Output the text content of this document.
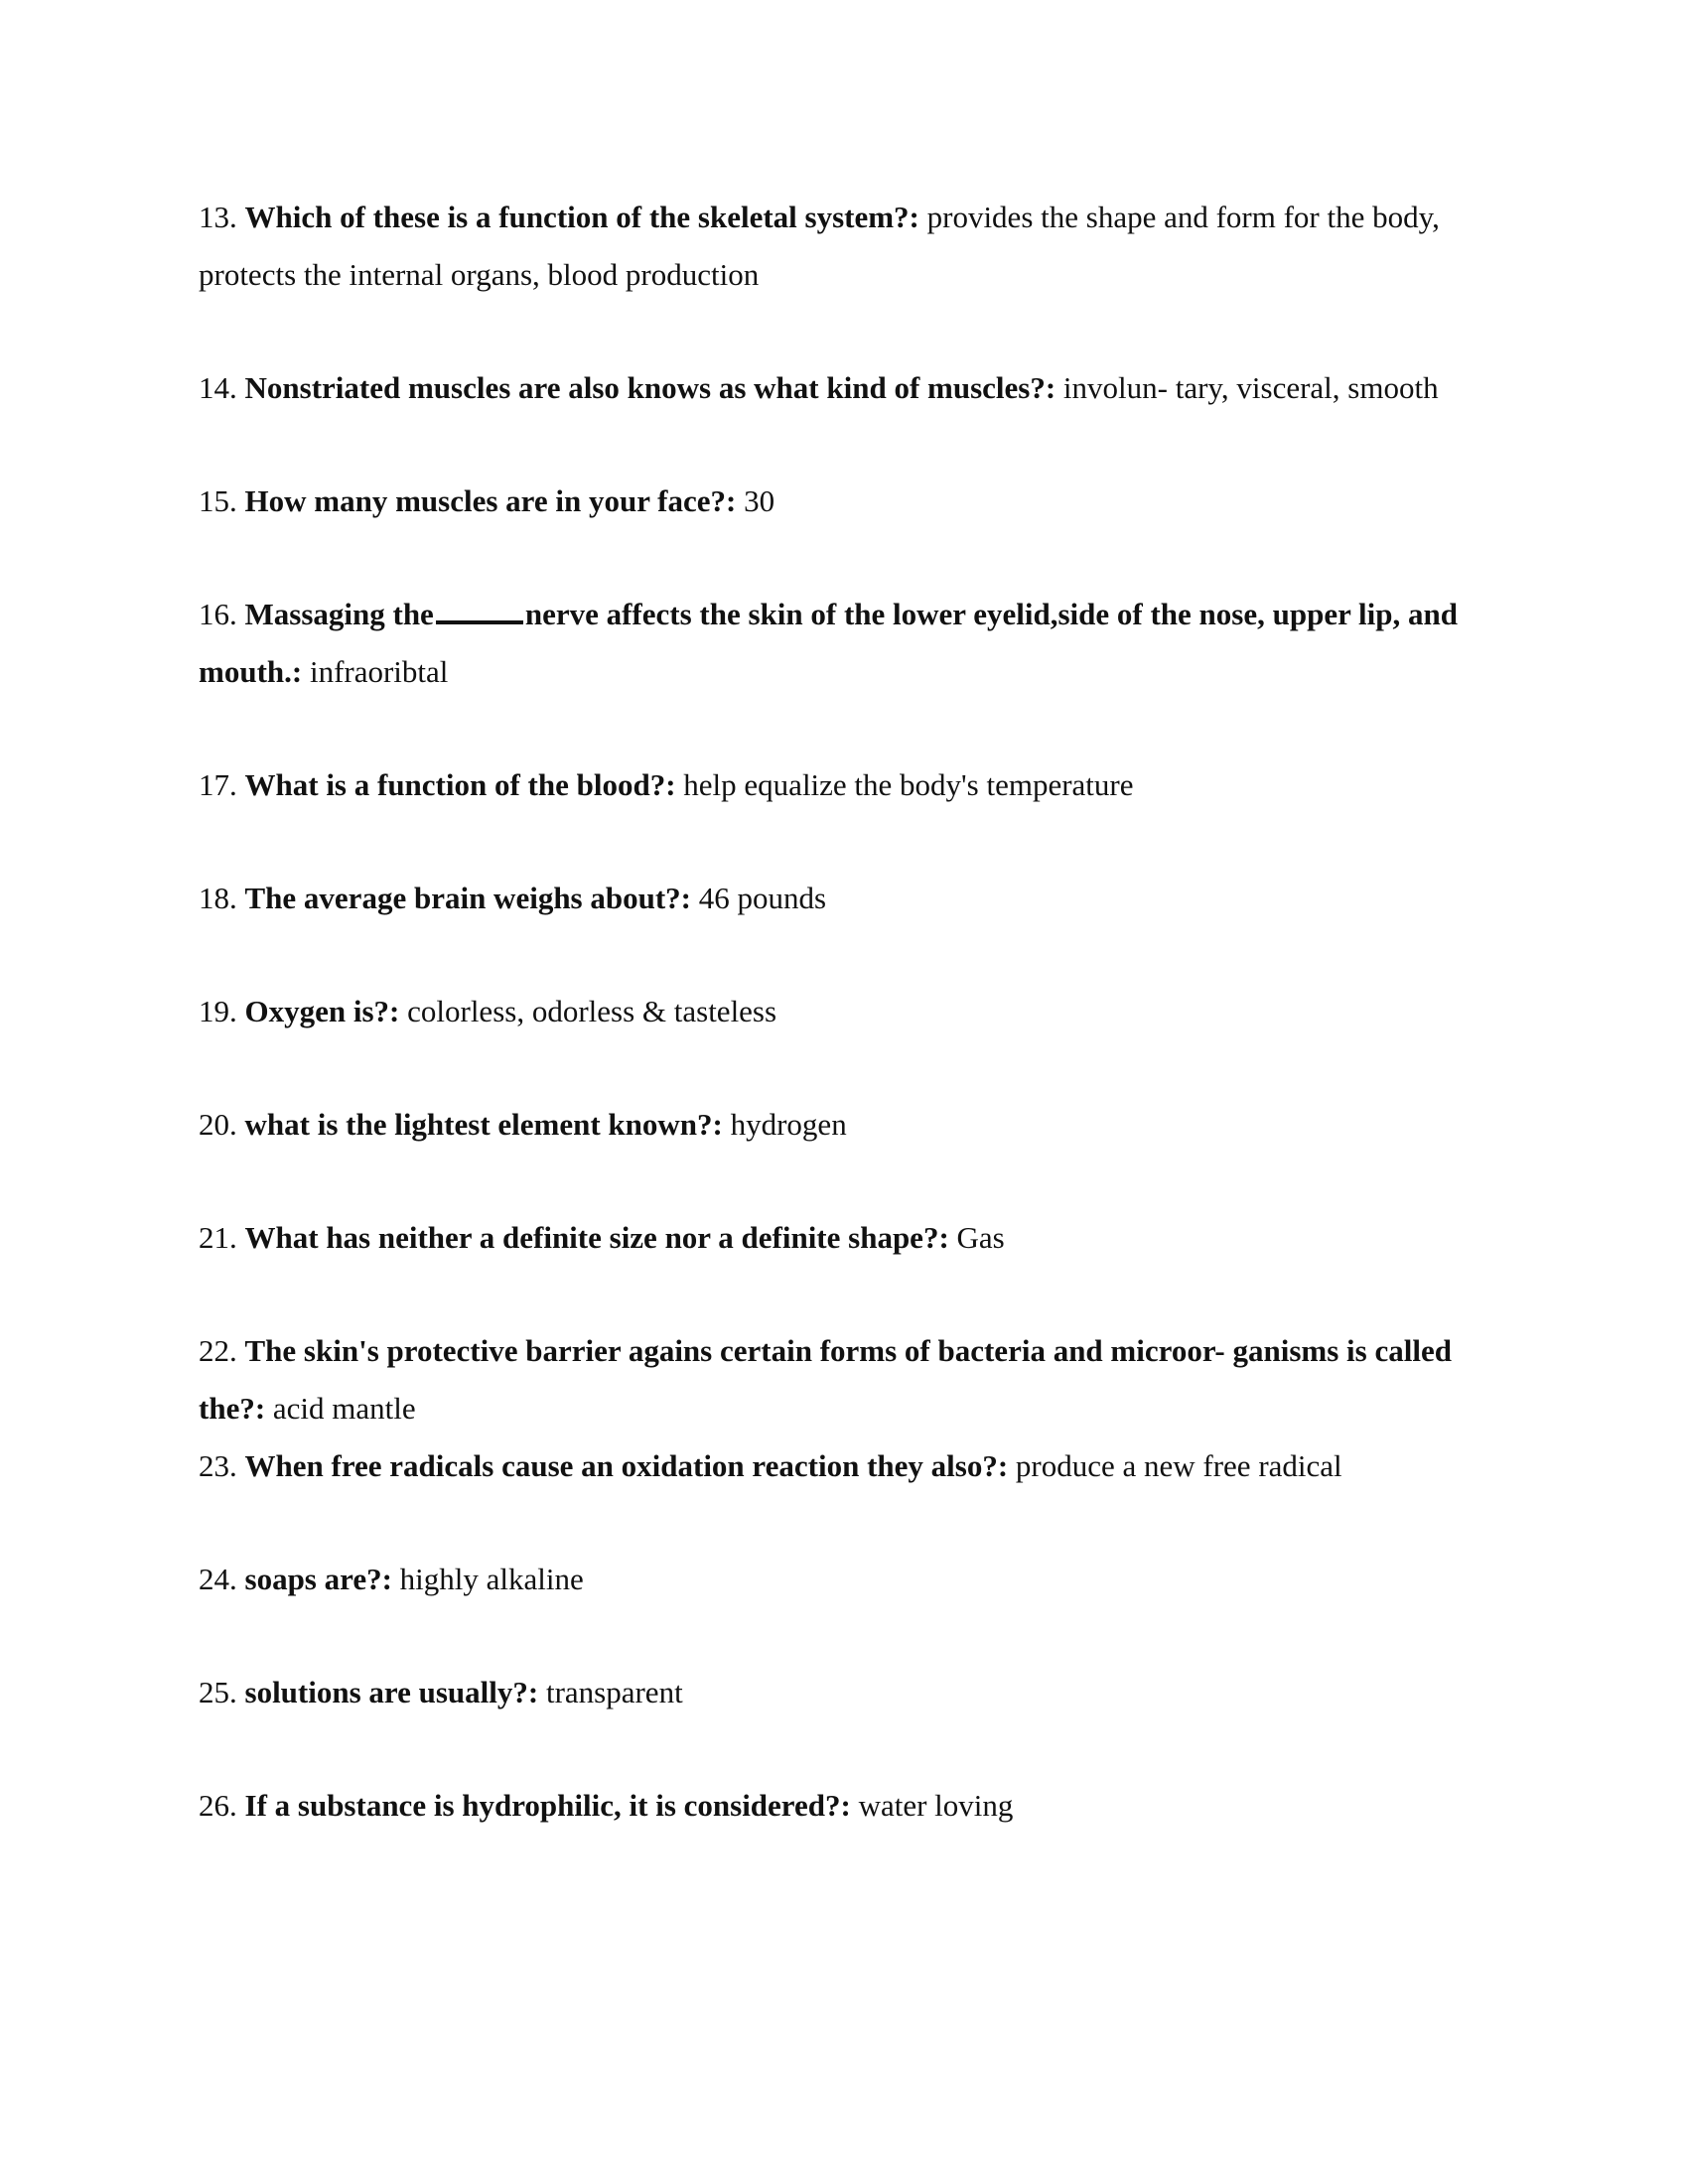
13. Which of these is a function of the skeletal system?: provides the shape and form for the body, protects the internal organs, blood production

14. Nonstriated muscles are also knows as what kind of muscles?: involun- tary, visceral, smooth

15. How many muscles are in your face?: 30

16. Massaging the	nerve affects the skin of the lower eyelid,side of the nose, upper lip, and mouth.: infraoribtal

17. What is a function of the blood?: help equalize the body's temperature

18. The average brain weighs about?: 46 pounds

19. Oxygen is?: colorless, odorless & tasteless

20. what is the lightest element known?: hydrogen

21. What has neither a definite size nor a definite shape?: Gas

22. The skin's protective barrier agains certain forms of bacteria and microor- ganisms is called the?: acid mantle

23. When free radicals cause an oxidation reaction they also?: produce a new free radical

24. soaps are?: highly alkaline

25. solutions are usually?: transparent

26. If a substance is hydrophilic, it is considered?: water loving
